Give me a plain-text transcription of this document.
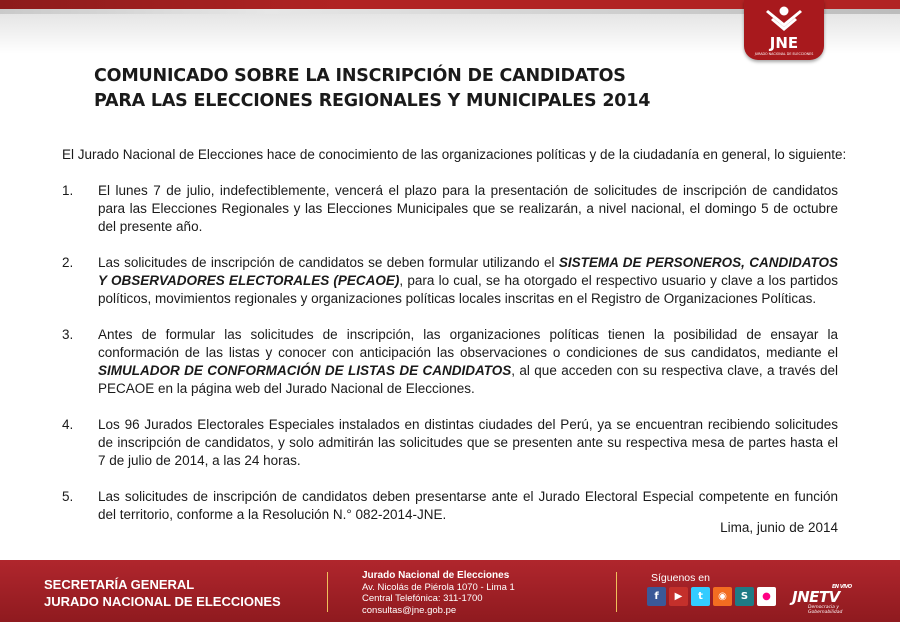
JNE
JURADO NACIONAL DE ELECCIONES
COMUNICADO SOBRE LA INSCRIPCIÓN DE CANDIDATOS
PARA LAS ELECCIONES REGIONALES Y MUNICIPALES 2014
El Jurado Nacional de Elecciones hace de conocimiento de las organizaciones políticas y de la ciudadanía en general, lo siguiente:
1.	El lunes 7 de julio, indefectiblemente, vencerá el plazo para la presentación de solicitudes de inscripción de candidatos para las Elecciones Regionales y las Elecciones Municipales que se realizarán, a nivel nacional, el domingo 5 de octubre del presente año.
2.	Las solicitudes de inscripción de candidatos se deben formular utilizando el SISTEMA DE PERSONEROS, CANDIDATOS Y OBSERVADORES ELECTORALES (PECAOE), para lo cual, se ha otorgado el respectivo usuario y clave a los partidos políticos, movimientos regionales y organizaciones políticas locales inscritas en el Registro de Organizaciones Políticas.
3.	Antes de formular las solicitudes de inscripción, las organizaciones políticas tienen la posibilidad de ensayar la conformación de las listas y conocer con anticipación las observaciones o condiciones de sus candidatos, mediante el SIMULADOR DE CONFORMACIÓN DE LISTAS DE CANDIDATOS, al que acceden con su respectiva clave, a través del PECAOE en la página web del Jurado Nacional de Elecciones.
4.	Los 96 Jurados Electorales Especiales instalados en distintas ciudades del Perú, ya se encuentran recibiendo solicitudes de inscripción de candidatos, y solo admitirán las solicitudes que se presenten ante su respectiva mesa de partes hasta el 7 de julio de 2014, a las 24 horas.
5.	Las solicitudes de inscripción de candidatos deben presentarse ante el Jurado Electoral Especial competente en función del territorio, conforme a la Resolución N.° 082-2014-JNE.
Lima, junio de 2014
SECRETARÍA GENERAL
JURADO NACIONAL DE ELECCIONES
Jurado Nacional de Elecciones
Av. Nicolás de Piérola 1070 - Lima 1
Central Telefónica: 311-1700
consultas@jne.gob.pe
Síguenos en
f	▶	t	◉	S	●	JNETV
EN VIVO
Democracia y Gobernabilidad
